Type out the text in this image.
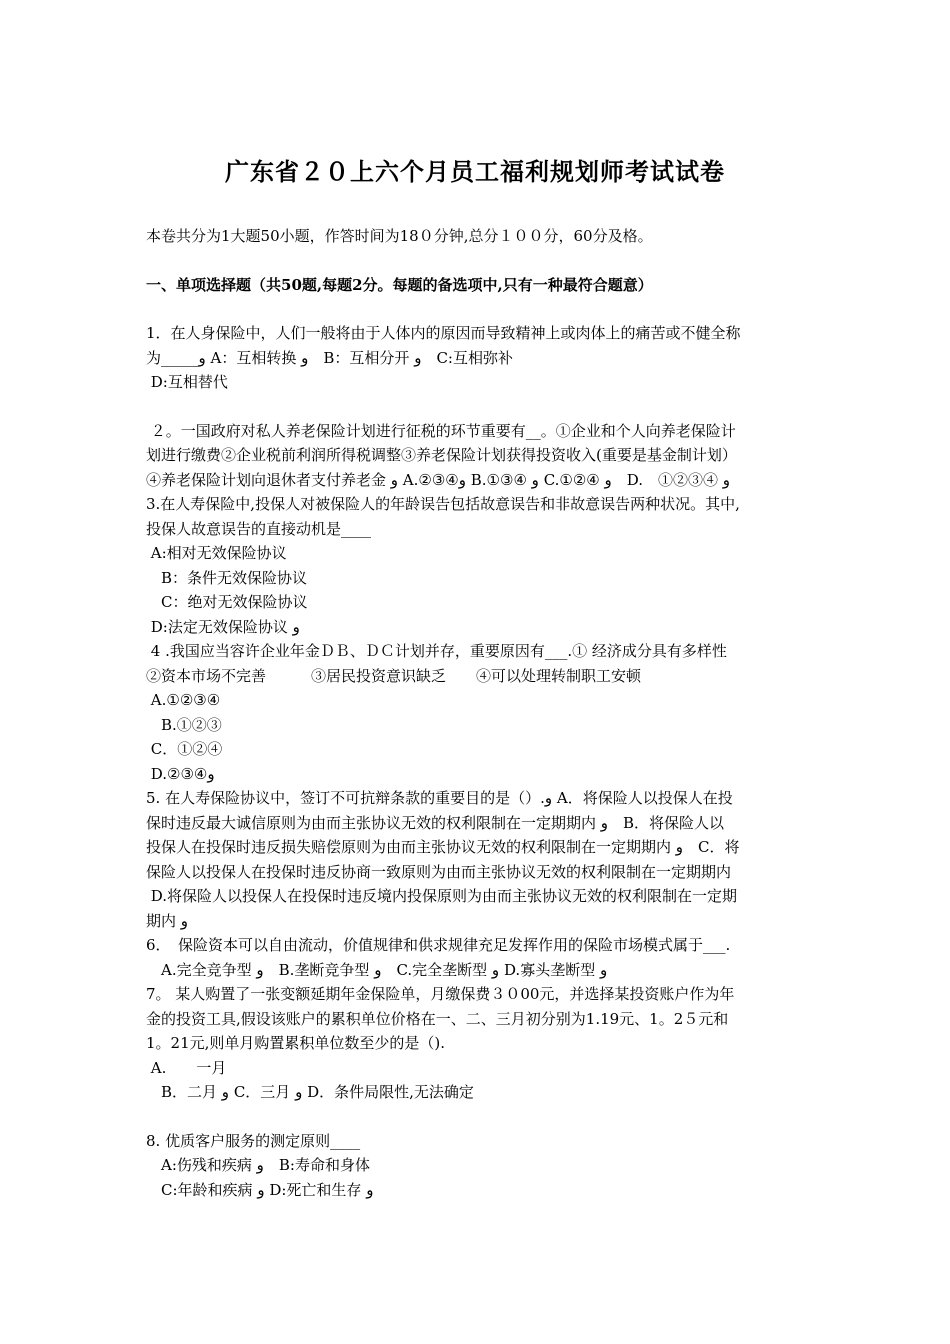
广东省２０上六个月员工福利规划师考试试卷

本卷共分为1大题50小题，作答时间为18０分钟,总分１００分，60分及格。

一、单项选择题（共50题,每题2分。每题的备选项中,只有一种最符合题意）

1．在人身保险中，人们一般将由于人体内的原因而导致精神上或肉体上的痛苦或不健全称

为_____و A：互相转换 و　B：互相分开 و　C:互相弥补

D:互相替代

２。一国政府对私人养老保险计划进行征税的环节重要有__。①企业和个人向养老保险计

划进行缴费②企业税前利润所得税调整③养老保险计划获得投资收入(重要是基金制计划）

④养老保险计划向退休者支付养老金 و A.②③④و B.①③④ و C.①②④ و　D.　①②③④ و

3.在人寿保险中,投保人对被保险人的年龄误告包括故意误告和非故意误告两种状况。其中,

投保人故意误告的直接动机是____

A:相对无效保险协议

　B：条件无效保险协议

　C：绝对无效保险协议

D:法定无效保险协议 و

4 .我国应当容许企业年金ＤＢ、ＤＣ计划并存，重要原因有___.① 经济成分具有多样性

②资本市场不完善　　　③居民投资意识缺乏　　④可以处理转制职工安顿

A.①②③④

　B.①②③

C．①②④

D.②③④و

5. 在人寿保险协议中，签订不可抗辩条款的重要目的是（）.و A．将保险人以投保人在投

保时违反最大诚信原则为由而主张协议无效的权利限制在一定期期内 و　B．将保险人以

投保人在投保时违反损失赔偿原则为由而主张协议无效的权利限制在一定期期内 و　C．将

保险人以投保人在投保时违反协商一致原则为由而主张协议无效的权利限制在一定期期内

D.将保险人以投保人在投保时违反境内投保原则为由而主张协议无效的权利限制在一定期

期内 و

6．　保险资本可以自由流动，价值规律和供求规律充足发挥作用的保险市场模式属于___.

　A.完全竞争型 و　B.垄断竞争型 و　C.完全垄断型 و D.寡头垄断型 و

7。 某人购置了一张变额延期年金保险单，月缴保费３０00元，并选择某投资账户作为年

金的投资工具,假设该账户的累积单位价格在一、二、三月初分别为1.19元、1。2５元和

1。21元,则单月购置累积单位数至少的是（).

A.　　一月

　B．二月 و C．三月 و D．条件局限性,无法确定

8. 优质客户服务的测定原则____

　A:伤残和疾病 و　B:寿命和身体

　C:年龄和疾病 و D:死亡和生存 و
